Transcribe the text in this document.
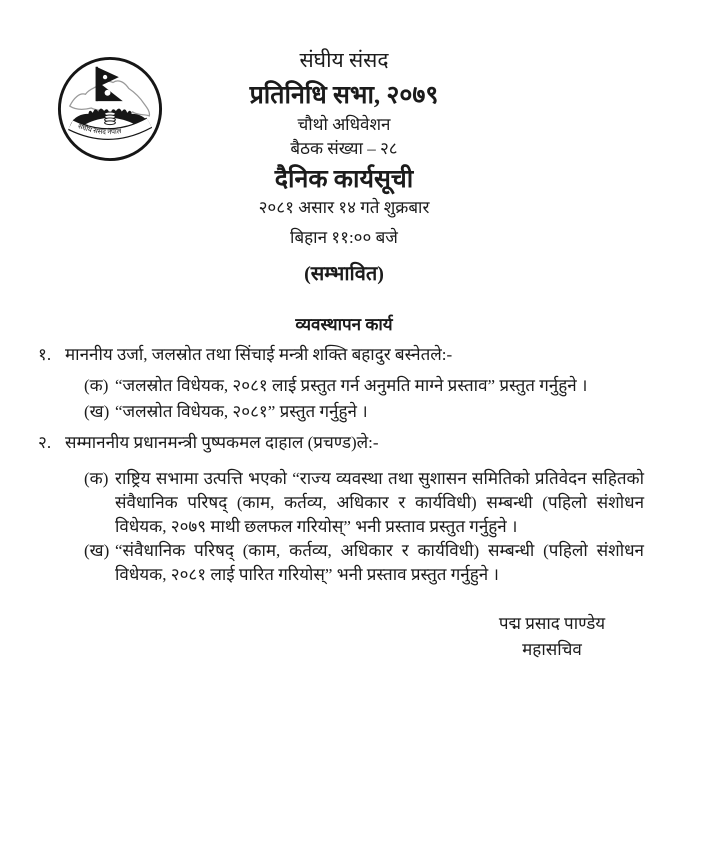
संघीय संसद नेपाल
संघीय संसद
प्रतिनिधि सभा, २०७९
चौथो अधिवेशन
बैठक संख्या – २८
दैनिक कार्यसूची
२०८१ असार १४ गते शुक्रबार
बिहान ११:०० बजे
(सम्भावित)
व्यवस्थापन कार्य
१. माननीय उर्जा, जलस्रोत तथा सिंचाई मन्त्री शक्ति बहादुर बस्नेतले:-
(क) “जलस्रोत विधेयक, २०८१ लाई प्रस्तुत गर्न अनुमति माग्ने प्रस्ताव” प्रस्तुत गर्नुहुने ।
(ख) “जलस्रोत विधेयक, २०८१” प्रस्तुत गर्नुहुने ।
२. सम्माननीय प्रधानमन्त्री पुष्पकमल दाहाल (प्रचण्ड)ले:-
(क) राष्ट्रिय सभामा उत्पत्ति भएको “राज्य व्यवस्था तथा सुशासन समितिको प्रतिवेदन सहितको संवैधानिक परिषद् (काम, कर्तव्य, अधिकार र कार्यविधी) सम्बन्धी (पहिलो संशोधन विधेयक, २०७९ माथी छलफल गरियोस्” भनी प्रस्ताव प्रस्तुत गर्नुहुने ।
(ख) “संवैधानिक परिषद् (काम, कर्तव्य, अधिकार र कार्यविधी) सम्बन्धी (पहिलो संशोधन विधेयक, २०८१ लाई पारित गरियोस्” भनी प्रस्ताव प्रस्तुत गर्नुहुने ।
पद्म प्रसाद पाण्डेय
महासचिव
